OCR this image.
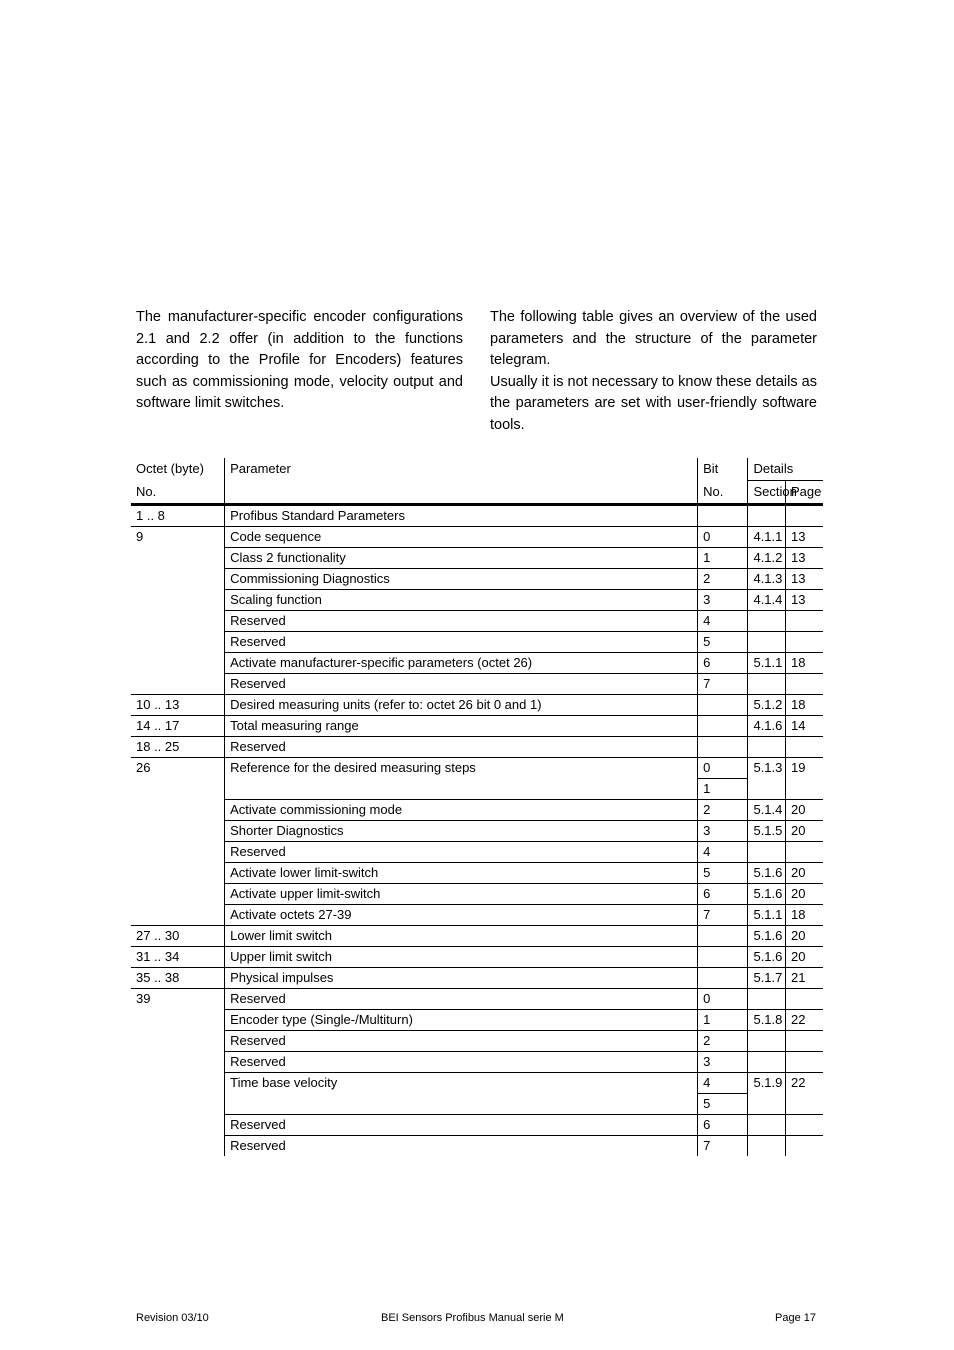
The manufacturer-specific encoder configurations 2.1 and 2.2 offer (in addition to the functions according to the Profile for Encoders) features such as commissioning mode, velocity output and software limit switches.

The following table gives an overview of the used parameters and the structure of the parameter telegram.

Usually it is not necessary to know these details as the parameters are set with user-friendly software tools.

Octet (byte)	Parameter	Bit	Details	
No.		No.	Section	Page
1 .. 8	Profibus Standard Parameters			
9	Code sequence	0	4.1.1	13
	Class 2 functionality	1	4.1.2	13
	Commissioning Diagnostics	2	4.1.3	13
	Scaling function	3	4.1.4	13
	Reserved	4		
	Reserved	5		
	Activate manufacturer-specific parameters (octet 26)	6	5.1.1	18
	Reserved	7		
10 .. 13	Desired measuring units (refer to: octet 26 bit 0 and 1)		5.1.2	18
14 .. 17	Total measuring range		4.1.6	14
18 .. 25	Reserved			
26	Reference for the desired measuring steps	0	5.1.3	19
		1		
	Activate commissioning mode	2	5.1.4	20
	Shorter Diagnostics	3	5.1.5	20
	Reserved	4		
	Activate lower limit-switch	5	5.1.6	20
	Activate upper limit-switch	6	5.1.6	20
	Activate octets 27-39	7	5.1.1	18
27 .. 30	Lower limit switch		5.1.6	20
31 .. 34	Upper limit switch		5.1.6	20
35 .. 38	Physical impulses		5.1.7	21
39	Reserved	0		
	Encoder type (Single-/Multiturn)	1	5.1.8	22
	Reserved	2		
	Reserved	3		
	Time base velocity	4	5.1.9	22
		5		
	Reserved	6		
	Reserved	7		
Revision 03/10	BEI Sensors Profibus Manual serie M	Page 17
